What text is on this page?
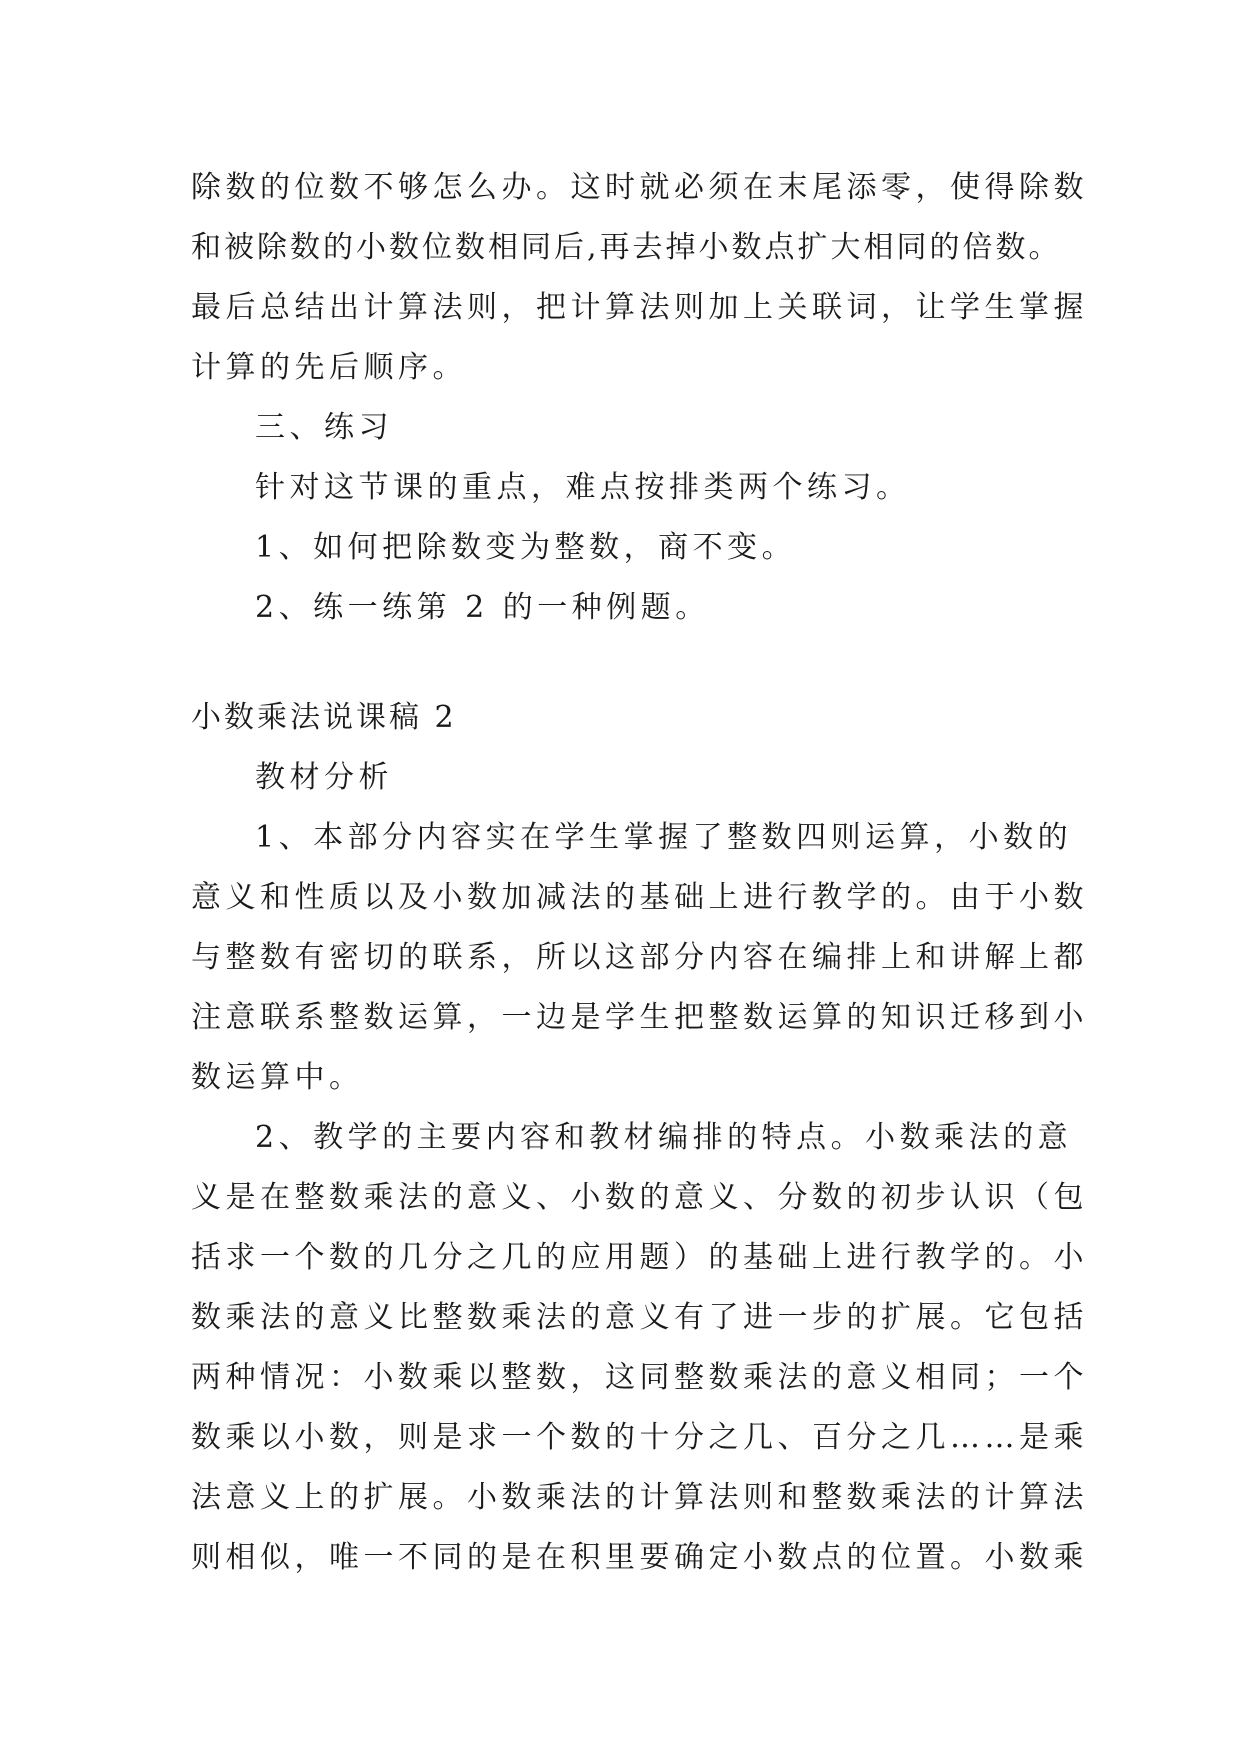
除数的位数不够怎么办。这时就必须在末尾添零，使得除数
和被除数的小数位数相同后,再去掉小数点扩大相同的倍数。
最后总结出计算法则，把计算法则加上关联词，让学生掌握
计算的先后顺序。
三、练习
针对这节课的重点，难点按排类两个练习。
1、如何把除数变为整数，商不变。
2、练一练第 2 的一种例题。
小数乘法说课稿 2
教材分析
1、本部分内容实在学生掌握了整数四则运算，小数的
意义和性质以及小数加减法的基础上进行教学的。由于小数
与整数有密切的联系，所以这部分内容在编排上和讲解上都
注意联系整数运算，一边是学生把整数运算的知识迁移到小
数运算中。
2、教学的主要内容和教材编排的特点。小数乘法的意
义是在整数乘法的意义、小数的意义、分数的初步认识（包
括求一个数的几分之几的应用题）的基础上进行教学的。小
数乘法的意义比整数乘法的意义有了进一步的扩展。它包括
两种情况：小数乘以整数，这同整数乘法的意义相同；一个
数乘以小数，则是求一个数的十分之几、百分之几……是乘
法意义上的扩展。小数乘法的计算法则和整数乘法的计算法
则相似，唯一不同的是在积里要确定小数点的位置。小数乘
